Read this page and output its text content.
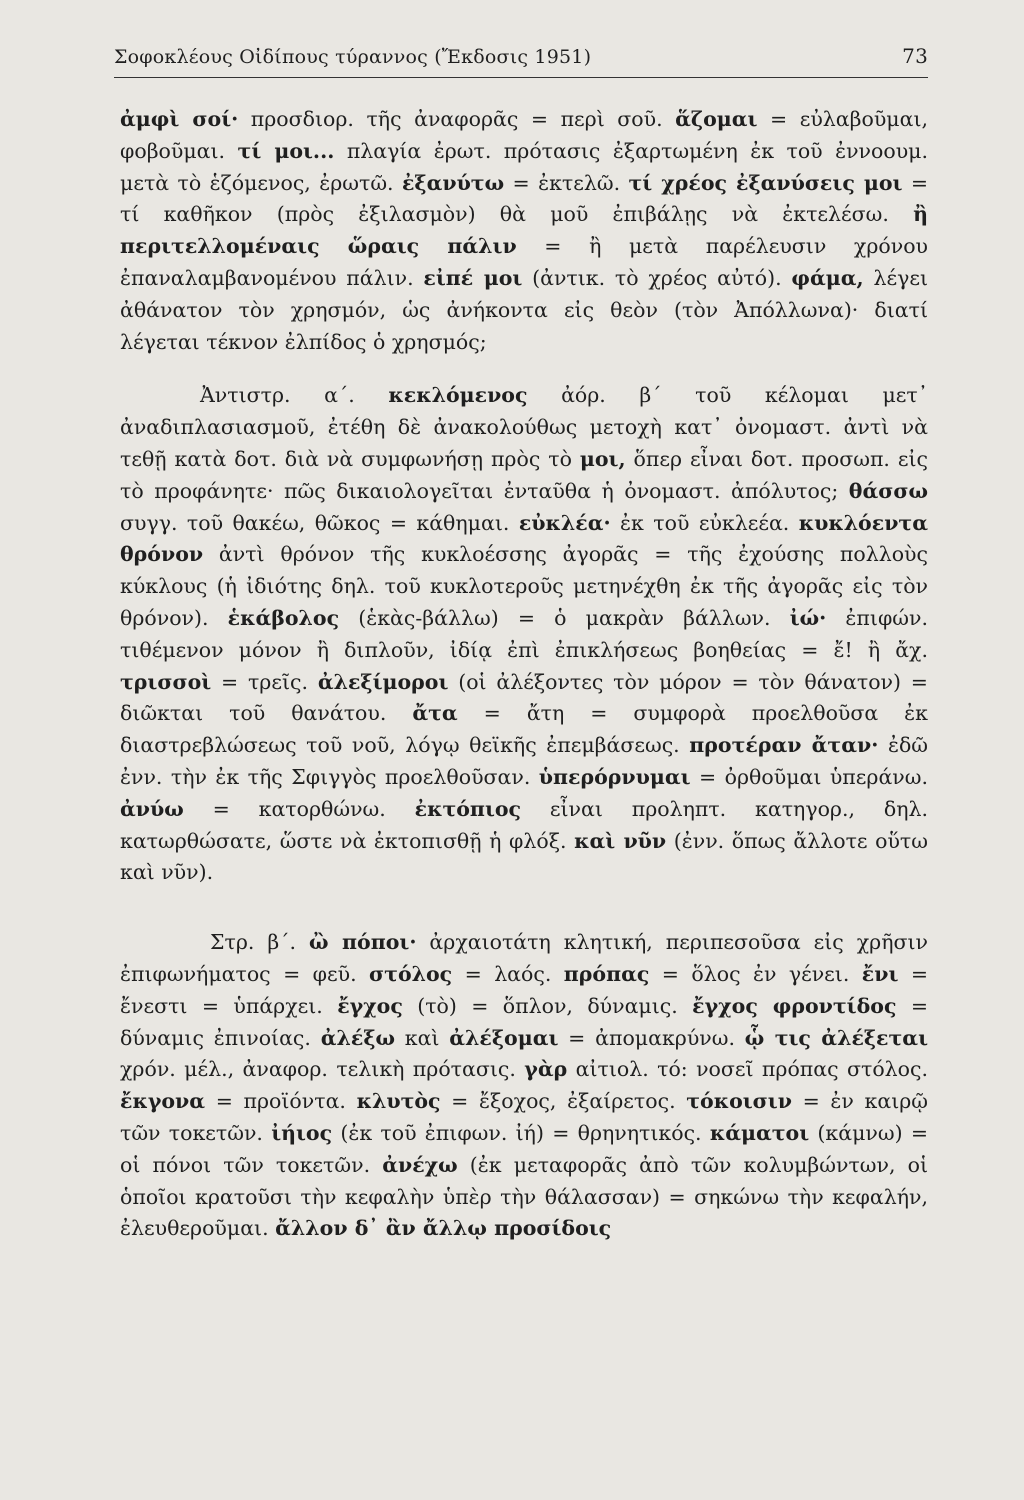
Σοφοκλέους Οἰδίπους τύραννος (Ἔκδοσις 1951)	73

ἀμφὶ σοί· προσδιορ. τῆς ἀναφορᾶς = περὶ σοῦ. ἅζομαι = εὐλαβοῦμαι, φοβοῦμαι. τί μοι... πλαγία ἐρωτ. πρότασις ἐξαρτωμένη ἐκ τοῦ ἐννοουμ. μετὰ τὸ ἑζόμενος, ἐρωτῶ. ἐξανύτω = ἐκτελῶ. τί χρέος ἐξανύσεις μοι = τί καθῆκον (πρὸς ἐξιλασμὸν) θὰ μοῦ ἐπιβάλῃς νὰ ἐκτελέσω. ἢ περιτελλομέναις ὥραις πάλιν = ἢ μετὰ παρέλευσιν χρόνου ἐπαναλαμβανομένου πάλιν. εἰπέ μοι (ἀντικ. τὸ χρέος αὐτό). φάμα, λέγει ἀθάνατον τὸν χρησμόν, ὡς ἀνήκοντα εἰς θεὸν (τὸν Ἀπόλλωνα)· διατί λέγεται τέκνον ἐλπίδος ὁ χρησμός;

Ἀντιστρ. α΄. κεκλόμενος ἀόρ. β΄ τοῦ κέλομαι μετ᾽ ἀναδιπλασιασμοῦ, ἐτέθη δὲ ἀνακολούθως μετοχὴ κατ᾽ ὀνομαστ. ἀντὶ νὰ τεθῇ κατὰ δοτ. διὰ νὰ συμφωνήσῃ πρὸς τὸ μοι, ὅπερ εἶναι δοτ. προσωπ. εἰς τὸ προφάνητε· πῶς δικαιολογεῖται ἐνταῦθα ἡ ὀνομαστ. ἀπόλυτος; θάσσω συγγ. τοῦ θακέω, θῶκος = κάθημαι. εὐκλέα· ἐκ τοῦ εὐκλεέα. κυκλόεντα θρόνον ἀντὶ θρόνον τῆς κυκλοέσσης ἀγορᾶς = τῆς ἐχούσης πολλοὺς κύκλους (ἡ ἰδιότης δηλ. τοῦ κυκλοτεροῦς μετηνέχθη ἐκ τῆς ἀγορᾶς εἰς τὸν θρόνον). ἑκάβολος (ἑκὰς-βάλλω) = ὁ μακρὰν βάλλων. ἰώ· ἐπιφών. τιθέμενον μόνον ἢ διπλοῦν, ἰδίᾳ ἐπὶ ἐπικλήσεως βοηθείας = ἔ! ἢ ἄχ. τρισσοὶ = τρεῖς. ἀλεξίμοροι (οἱ ἀλέξοντες τὸν μόρον = τὸν θάνατον) = διῶκται τοῦ θανάτου. ἄτα = ἄτη = συμφορὰ προελθοῦσα ἐκ διαστρεβλώσεως τοῦ νοῦ, λόγῳ θεϊκῆς ἐπεμβάσεως. προτέραν ἄταν· ἐδῶ ἐνν. τὴν ἐκ τῆς Σφιγγὸς προελθοῦσαν. ὑπερόρνυμαι = ὀρθοῦμαι ὑπεράνω. ἀνύω = κατορθώνω. ἐκτόπιος εἶναι προληπτ. κατηγορ., δηλ. κατωρθώσατε, ὥστε νὰ ἐκτοπισθῇ ἡ φλόξ. καὶ νῦν (ἐνν. ὅπως ἄλλοτε οὕτω καὶ νῦν).

Στρ. β΄. ὢ πόποι· ἀρχαιοτάτη κλητική, περιπεσοῦσα εἰς χρῆσιν ἐπιφωνήματος = φεῦ. στόλος = λαός. πρόπας = ὅλος ἐν γένει. ἔνι = ἔνεστι = ὑπάρχει. ἔγχος (τὸ) = ὅπλον, δύναμις. ἔγχος φροντίδος = δύναμις ἐπινοίας. ἀλέξω καὶ ἀλέξομαι = ἀπομακρύνω. ᾧ τις ἀλέξεται χρόν. μέλ., ἀναφορ. τελικὴ πρότασις. γὰρ αἰτιολ. τό: νοσεῖ πρόπας στόλος. ἔκγονα = προϊόντα. κλυτὸς = ἔξοχος, ἐξαίρετος. τόκοισιν = ἐν καιρῷ τῶν τοκετῶν. ἰήιος (ἐκ τοῦ ἐπιφων. ἰή) = θρηνητικός. κάματοι (κάμνω) = οἱ πόνοι τῶν τοκετῶν. ἀνέχω (ἐκ μεταφορᾶς ἀπὸ τῶν κολυμβώντων, οἱ ὁποῖοι κρατοῦσι τὴν κεφαλὴν ὑπὲρ τὴν θάλασσαν) = σηκώνω τὴν κεφαλήν, ἐλευθεροῦμαι. ἄλλον δ᾽ ἂν ἄλλῳ προσίδοις
